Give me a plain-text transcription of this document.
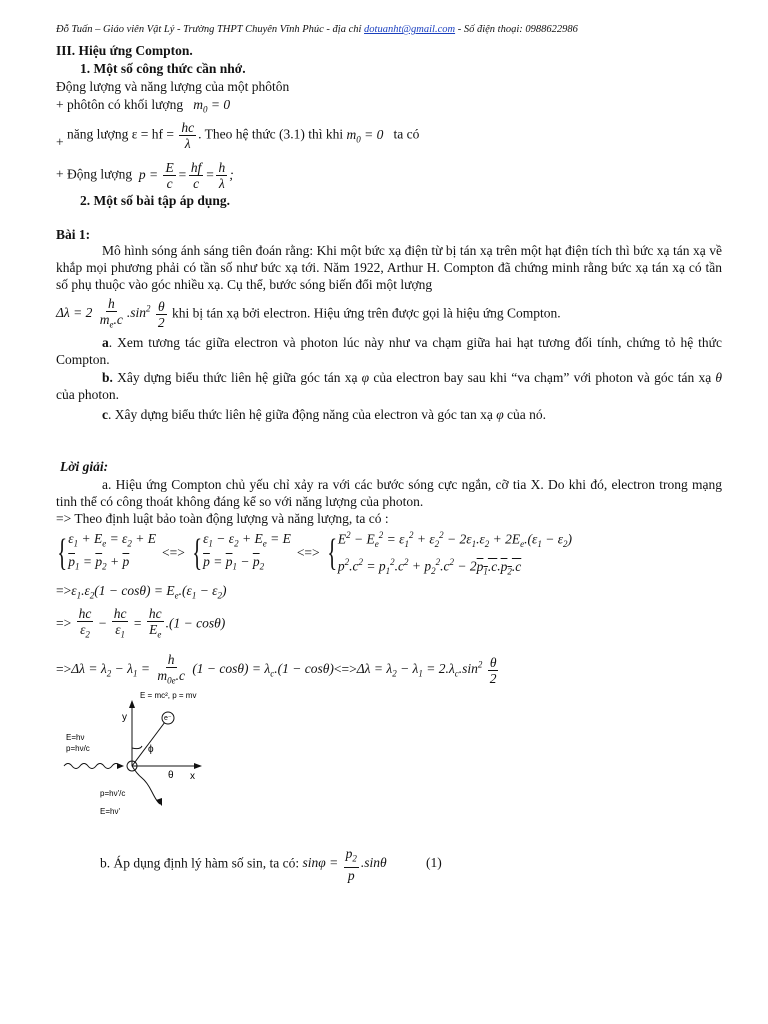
Đỗ Tuấn – Giáo viên Vật Lý - Trường THPT Chuyên Vĩnh Phúc - địa chỉ dotuanht@gmail.com - Số điện thoại: 0988622986
III. Hiệu ứng Compton.
1. Một số công thức cần nhớ.
Động lượng và năng lượng của một phôtôn
+ phôtôn có khối lượng   $m_0 = 0$
+ năng lượng ε = hf = $\frac{hc}{\lambda}$ . Theo hệ thức (3.1) thì khi $m_0 = 0$ ta có
+ Động lượng  $p = \frac{E}{c} = \frac{hf}{c} = \frac{h}{\lambda}$ ;
2. Một số bài tập áp dụng.
Bài 1:
Mô hình sóng ánh sáng tiên đoán rằng: Khi một bức xạ điện từ bị tán xạ trên một hạt điện tích thì bức xạ tán xạ về khắp mọi phương phải có tần số như bức xạ tới. Năm 1922, Arthur H. Compton đã chứng minh rằng bức xạ tán xạ có tần số phụ thuộc vào góc nhiều xạ. Cụ thể, bước sóng biến đổi một lượng
$\Delta\lambda = 2 \frac{h}{m_e.c} .\sin^2 \frac{\theta}{2}$ khi bị tán xạ bởi electron. Hiệu ứng trên được gọi là hiệu ứng Compton.
a. Xem tương tác giữa electron và photon lúc này như va chạm giữa hai hạt tương đối tính, chứng tỏ hệ thức Compton.
b. Xây dựng biểu thức liên hệ giữa góc tán xạ φ của electron bay sau khi “va chạm” với photon và góc tán xạ θ của photon.
c. Xây dựng biểu thức liên hệ giữa động năng của electron và góc tan xạ φ của nó.
Lời giải:
a. Hiệu ứng Compton chủ yếu chỉ xảy ra với các bước sóng cực ngắn, cỡ tia X. Do khi đó, electron trong mạng tinh thể có công thoát không đáng kể so với năng lượng của photon.
=> Theo định luật bảo toàn động lượng và năng lượng, ta có :
{ $\varepsilon_1 + E_e = \varepsilon_2 + E$
$\overline{p}_1 = \overline{p}_2 + \overline{p}$
<=> { $\varepsilon_1 - \varepsilon_2 + E_e = E$
$\overline{p} = \overline{p}_1 - \overline{p}_2$
<=> { $E^2 - E_e^2 = \varepsilon_1^2 + \varepsilon_2^2 - 2\varepsilon_1.\varepsilon_2 + 2E_e.(\varepsilon_1 - \varepsilon_2)$
$p^2.c^2 = p_1^2.c^2 + p_2^2.c^2 - 2p_1.c.p_2.c$
$=>\varepsilon_1.\varepsilon_2(1 - \cos\theta) = E_e.(\varepsilon_1 - \varepsilon_2)$
=> $\frac{hc}{\varepsilon_2} - \frac{hc}{\varepsilon_1} = \frac{hc}{E_e} .(1 - \cos\theta)$
$=>\Delta\lambda = \lambda_2 - \lambda_1 = \frac{h}{m_{0e}.c} (1 - \cos\theta) = \lambda_c.(1 - \cos\theta)<=>\Delta\lambda = \lambda_2 - \lambda_1 = 2.\lambda_c.\sin^2 \frac{\theta}{2}$
E = mc², p = mv
y
x
E=hν
p=hν/c
e⁻
ϕ
θ
p=hν'/c
E=hν'
b. Áp dụng định lý hàm số sin, ta có: $\sin\varphi = \frac{p_2}{p} .\sin\theta$	(1)
